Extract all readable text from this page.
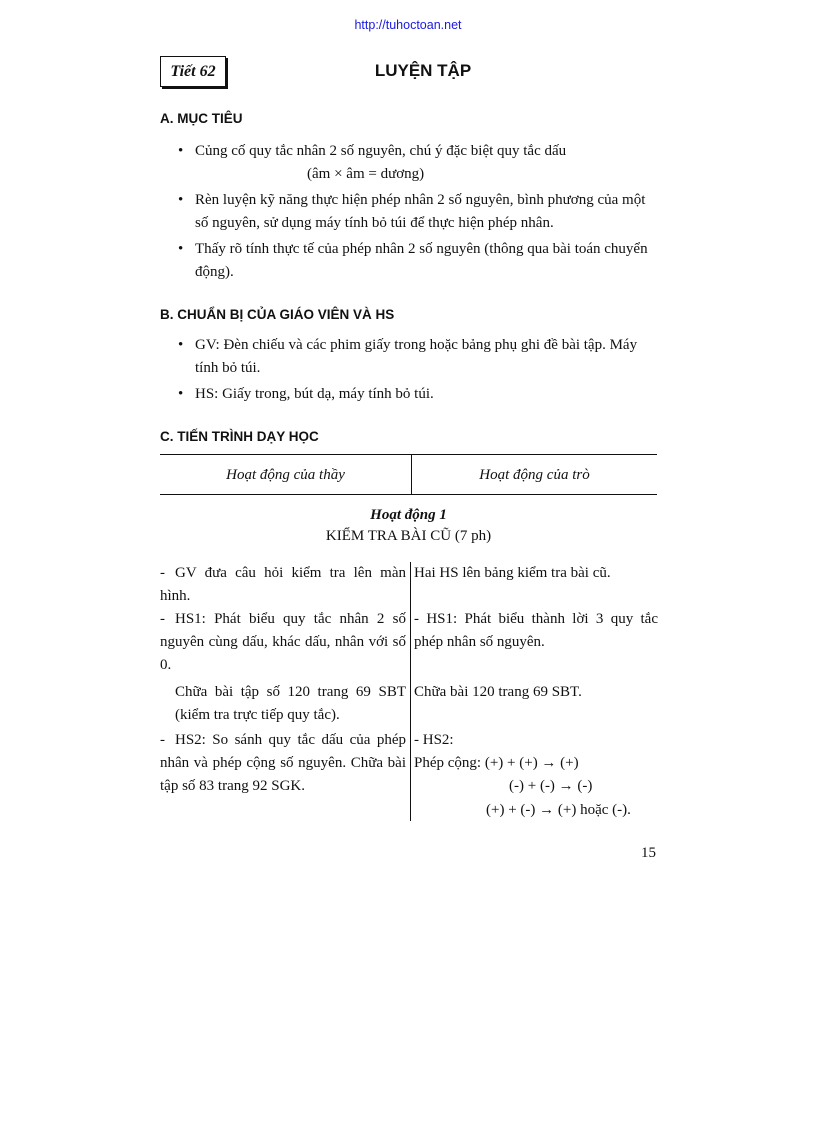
http://tuhoctoan.net
Tiết 62	LUYỆN TẬP
A. MỤC TIÊU
• Củng cố quy tắc nhân 2 số nguyên, chú ý đặc biệt quy tắc dấu
(âm × âm = dương)
• Rèn luyện kỹ năng thực hiện phép nhân 2 số nguyên, bình phương của một số nguyên, sử dụng máy tính bỏ túi để thực hiện phép nhân.
• Thấy rõ tính thực tế của phép nhân 2 số nguyên (thông qua bài toán chuyển động).
B. CHUẨN BỊ CỦA GIÁO VIÊN VÀ HS
• GV: Đèn chiếu và các phim giấy trong hoặc bảng phụ ghi đề bài tập. Máy tính bỏ túi.
• HS: Giấy trong, bút dạ, máy tính bỏ túi.
C. TIẾN TRÌNH DẠY HỌC
Hoạt động của thầy	Hoạt động của trò
Hoạt động 1
KIỂM TRA BÀI CŨ (7 ph)
- GV đưa câu hỏi kiểm tra lên màn hình.
- HS1: Phát biểu quy tắc nhân 2 số nguyên cùng dấu, khác dấu, nhân với số 0.
Chữa bài tập số 120 trang 69 SBT (kiểm tra trực tiếp quy tắc).
- HS2: So sánh quy tắc dấu của phép nhân và phép cộng số nguyên. Chữa bài tập số 83 trang 92 SGK.
Hai HS lên bảng kiểm tra bài cũ.
- HS1: Phát biểu thành lời 3 quy tắc phép nhân số nguyên.
Chữa bài 120 trang 69 SBT.
- HS2:
Phép cộng: (+) + (+) → (+)
(-) + (-) → (-)
(+) + (-) → (+) hoặc (-).
15
